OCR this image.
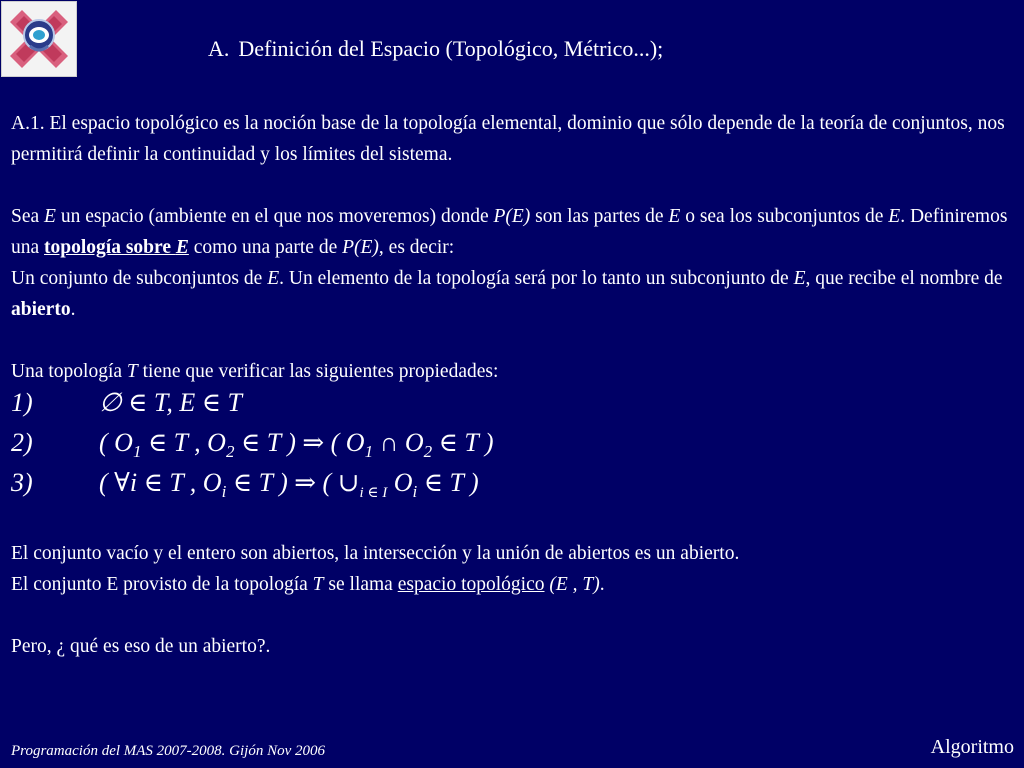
A. Definición del Espacio (Topológico, Métrico...);

A.1. El espacio topológico es la noción base de la topología elemental, dominio que sólo depende de la teoría de conjuntos, nos permitirá definir la continuidad y los límites del sistema.

Sea E un espacio (ambiente en el que nos moveremos) donde P(E) son las partes de E o sea los subconjuntos de E. Definiremos una topología sobre E como una parte de P(E), es decir:
Un conjunto de subconjuntos de E. Un elemento de la topología será por lo tanto un subconjunto de E, que recibe el nombre de abierto.

Una topología T tiene que verificar las siguientes propiedades:

1)	∅ ∈ T, E ∈ T
2)	( $O_1$ ∈ T , $O_2$ ∈ T ) ⇒ ( $O_1$ ∩ $O_2$ ∈ T )
3)	( ∀i ∈ T , $O_i$ ∈ T ) ⇒ ( $\cup_{i \in I}$ $O_i$ ∈ T )

El conjunto vacío y el entero son abiertos, la intersección y la unión de abiertos es un abierto.
El conjunto E provisto de la topología T se llama espacio topológico (E , T).

Pero, ¿ qué es eso de un abierto?.

Programación del MAS 2007-2008. Gijón Nov 2006	Algoritmo
